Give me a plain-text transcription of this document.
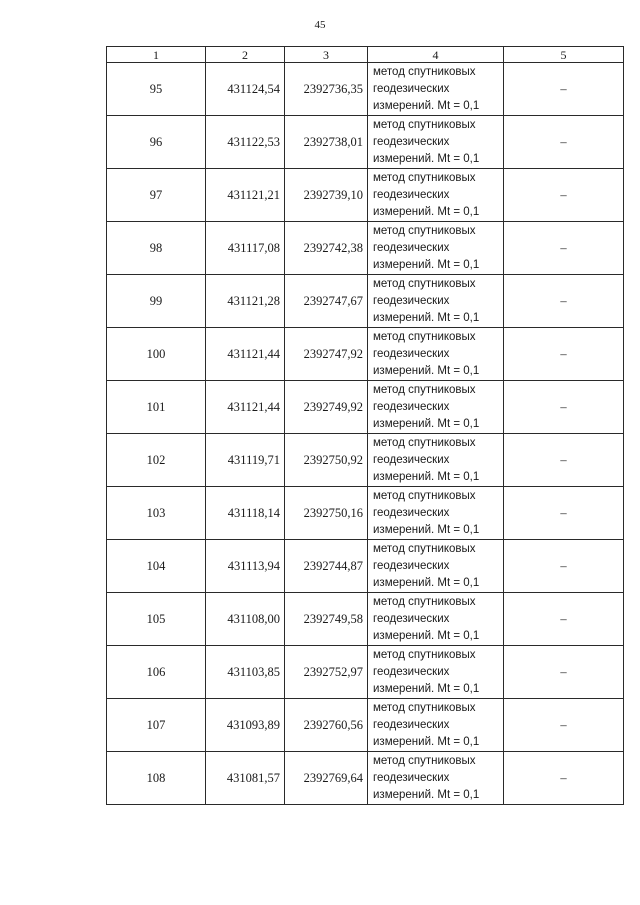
45
1	2	3	4	5
95	431124,54	2392736,35	метод спутниковых
геодезических
измерений. Mt = 0,1	–
96	431122,53	2392738,01	метод спутниковых
геодезических
измерений. Mt = 0,1	–
97	431121,21	2392739,10	метод спутниковых
геодезических
измерений. Mt = 0,1	–
98	431117,08	2392742,38	метод спутниковых
геодезических
измерений. Mt = 0,1	–
99	431121,28	2392747,67	метод спутниковых
геодезических
измерений. Mt = 0,1	–
100	431121,44	2392747,92	метод спутниковых
геодезических
измерений. Mt = 0,1	–
101	431121,44	2392749,92	метод спутниковых
геодезических
измерений. Mt = 0,1	–
102	431119,71	2392750,92	метод спутниковых
геодезических
измерений. Mt = 0,1	–
103	431118,14	2392750,16	метод спутниковых
геодезических
измерений. Mt = 0,1	–
104	431113,94	2392744,87	метод спутниковых
геодезических
измерений. Mt = 0,1	–
105	431108,00	2392749,58	метод спутниковых
геодезических
измерений. Mt = 0,1	–
106	431103,85	2392752,97	метод спутниковых
геодезических
измерений. Mt = 0,1	–
107	431093,89	2392760,56	метод спутниковых
геодезических
измерений. Mt = 0,1	–
108	431081,57	2392769,64	метод спутниковых
геодезических
измерений. Mt = 0,1	–
